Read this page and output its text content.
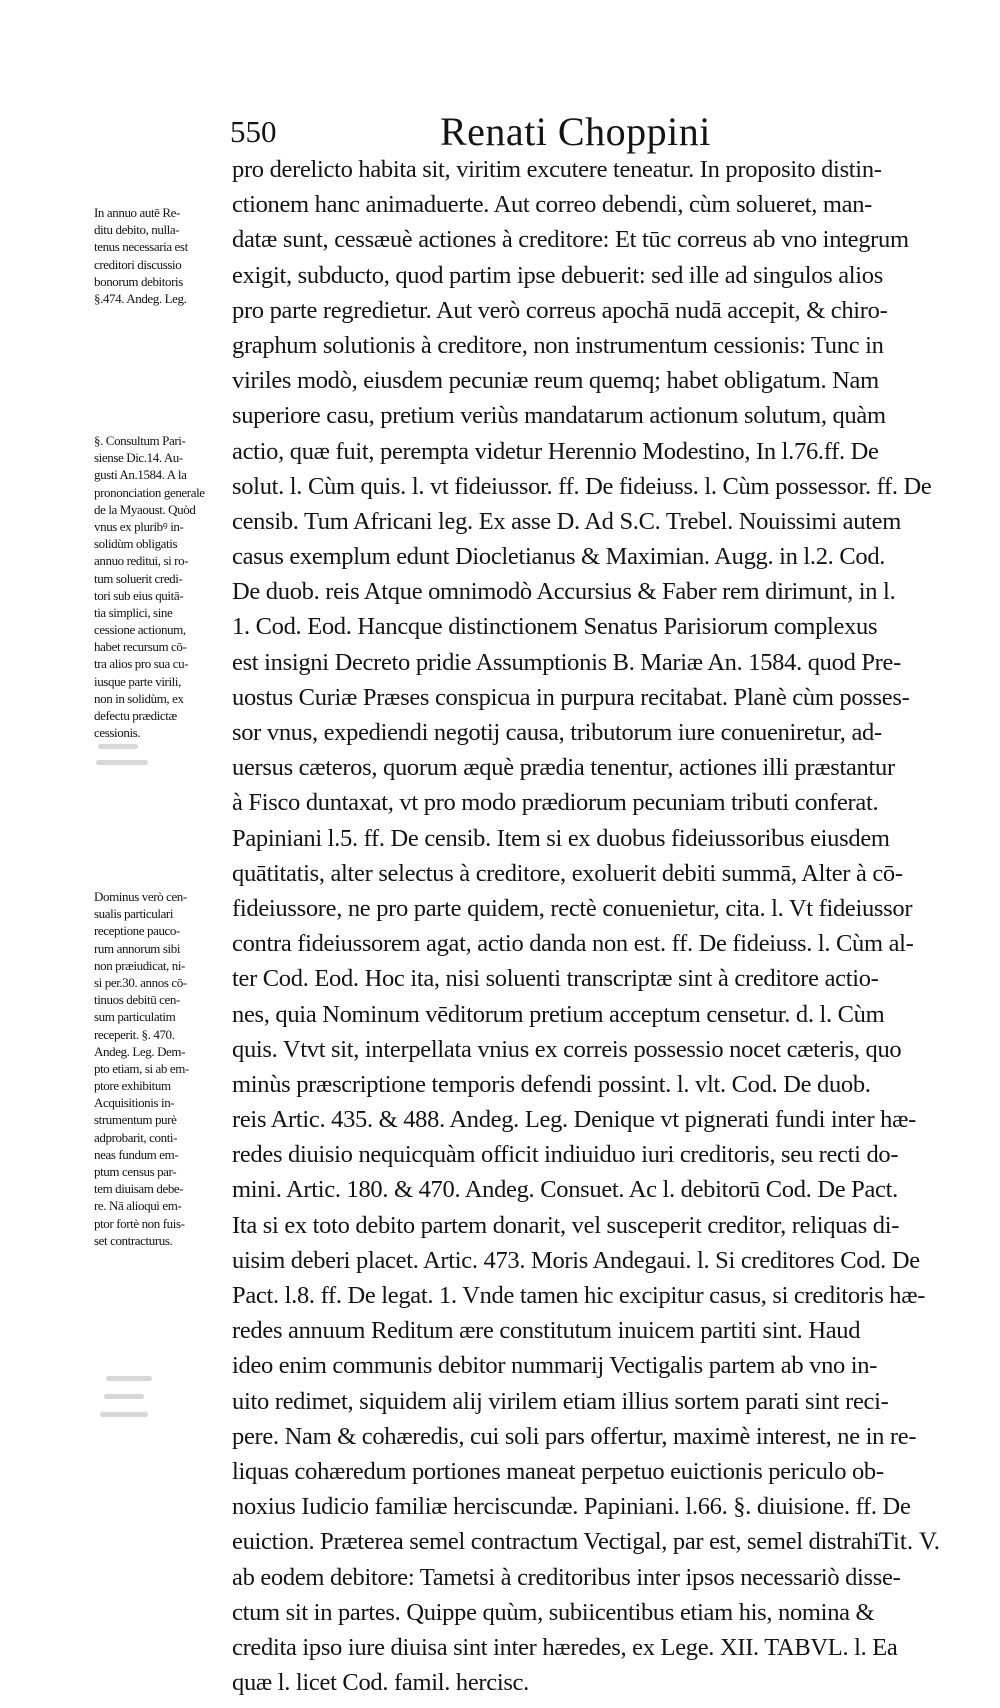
550	Renati Choppini
In annuo autē Re-
ditu debito, nulla-
tenus necessaria est
creditori discussio
bonorum debitoris
§.474. Andeg. Leg.
§. Consultum Pari-
siense Dic.14. Au-
gusti An.1584. A la
prononciation generale
de la Myaoust. Quòd
vnus ex pluribꝰ in-
solidùm obligatis
annuo reditui, si ro-
tum soluerit credi-
tori sub eius quitā-
tia simplici, sine
cessione actionum,
habet recursum cō-
tra alios pro sua cu-
iusque parte virili,
non in solidùm, ex
defectu prædictæ
cessionis.
Dominus verò cen-
sualis particulari
receptione pauco-
rum annorum sibi
non præiudicat, ni-
si per.30. annos cō-
tinuos debitū cen-
sum particulatim
receperit. §. 470.
Andeg. Leg. Dem-
pto etiam, si ab em-
ptore exhibitum
Acquisitionis in-
strumentum purè
adprobarit, conti-
neas fundum em-
ptum census par-
tem diuisam debe-
re. Nā alioqui em-
ptor fortè non fuis-
set contracturus.
pro derelicto habita sit, viritim excutere teneatur. In proposito distin-
ctionem hanc animaduerte. Aut correo debendi, cùm solueret, man-
datæ sunt, cessæuè actiones à creditore: Et tūc correus ab vno integrum
exigit, subducto, quod partim ipse debuerit: sed ille ad singulos alios
pro parte regredietur. Aut verò correus apochā nudā accepit, & chiro-
graphum solutionis à creditore, non instrumentum cessionis: Tunc in
viriles modò, eiusdem pecuniæ reum quemq; habet obligatum. Nam
superiore casu, pretium veriùs mandatarum actionum solutum, quàm
actio, quæ fuit, perempta videtur Herennio Modestino, In l.76.ff. De
solut. l. Cùm quis. l. vt fideiussor. ff. De fideiuss. l. Cùm possessor. ff. De
censib. Tum Africani leg. Ex asse D. Ad S.C. Trebel. Nouissimi autem
casus exemplum edunt Diocletianus & Maximian. Augg. in l.2. Cod.
De duob. reis Atque omnimodò Accursius & Faber rem dirimunt, in l.
1. Cod. Eod. Hancque distinctionem Senatus Parisiorum complexus
est insigni Decreto pridie Assumptionis B. Mariæ An. 1584. quod Pre-
uostus Curiæ Præses conspicua in purpura recitabat. Planè cùm posses-
sor vnus, expediendi negotij causa, tributorum iure conueniretur, ad-
uersus cæteros, quorum æquè prædia tenentur, actiones illi præstantur
à Fisco duntaxat, vt pro modo prædiorum pecuniam tributi conferat.
Papiniani l.5. ff. De censib. Item si ex duobus fideiussoribus eiusdem
quātitatis, alter selectus à creditore, exoluerit debiti summā, Alter à cō-
fideiussore, ne pro parte quidem, rectè conuenietur, cita. l. Vt fideiussor
contra fideiussorem agat, actio danda non est. ff. De fideiuss. l. Cùm al-
ter Cod. Eod. Hoc ita, nisi soluenti transcriptæ sint à creditore actio-
nes, quia Nominum vēditorum pretium acceptum censetur. d. l. Cùm
quis. Vtvt sit, interpellata vnius ex correis possessio nocet cæteris, quo
minùs præscriptione temporis defendi possint. l. vlt. Cod. De duob.
reis Artic. 435. & 488. Andeg. Leg. Denique vt pignerati fundi inter hæ-
redes diuisio nequicquàm officit indiuiduo iuri creditoris, seu recti do-
mini. Artic. 180. & 470. Andeg. Consuet. Ac l. debitorū Cod. De Pact.
Ita si ex toto debito partem donarit, vel susceperit creditor, reliquas di-
uisim deberi placet. Artic. 473. Moris Andegaui. l. Si creditores Cod. De
Pact. l.8. ff. De legat. 1. Vnde tamen hic excipitur casus, si creditoris hæ-
redes annuum Reditum ære constitutum inuicem partiti sint. Haud
ideo enim communis debitor nummarij Vectigalis partem ab vno in-
uito redimet, siquidem alij virilem etiam illius sortem parati sint reci-
pere. Nam & cohæredis, cui soli pars offertur, maximè interest, ne in re-
liquas cohæredum portiones maneat perpetuo euictionis periculo ob-
noxius Iudicio familiæ herciscundæ. Papiniani. l.66. §. diuisione. ff. De
euiction. Præterea semel contractum Vectigal, par est, semel distrahi
ab eodem debitore: Tametsi à creditoribus inter ipsos necessariò disse-
ctum sit in partes. Quippe quùm, subiicentibus etiam his, nomina &
credita ipso iure diuisa sint inter hæredes, ex Lege. XII. TABVL. l. Ea
quæ l. licet Cod. famil. hercisc.
Tit. V.
